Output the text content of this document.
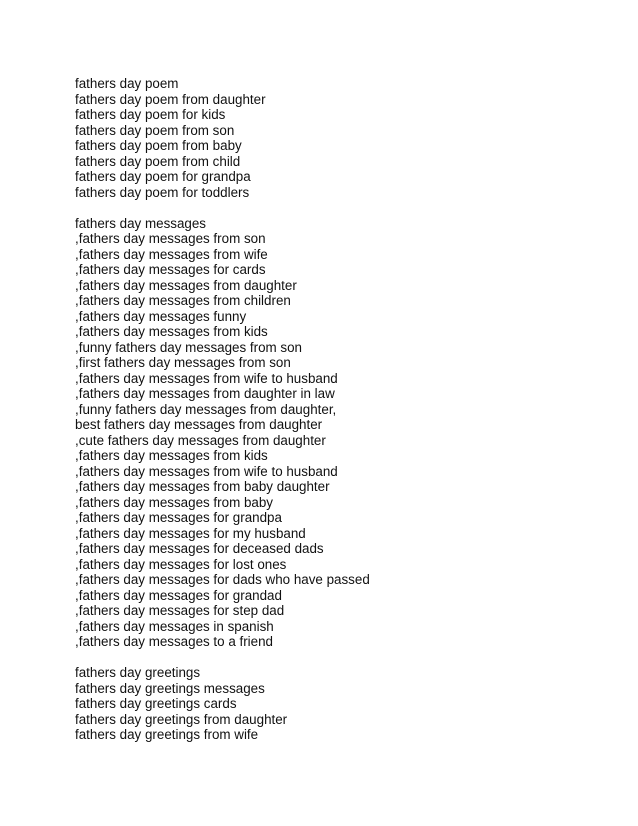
fathers day poem
fathers day poem from daughter
fathers day poem for kids
fathers day poem from son
fathers day poem from baby
fathers day poem from child
fathers day poem for grandpa
fathers day poem for toddlers
fathers day messages
,fathers day messages from son
,fathers day messages from wife
,fathers day messages for cards
,fathers day messages from daughter
,fathers day messages from children
,fathers day messages funny
,fathers day messages from kids
,funny fathers day messages from son
,first fathers day messages from son
,fathers day messages from wife to husband
,fathers day messages from daughter in law
,funny fathers day messages from daughter,
best fathers day messages from daughter
,cute fathers day messages from daughter
,fathers day messages from kids
,fathers day messages from wife to husband
,fathers day messages from baby daughter
,fathers day messages from baby
,fathers day messages for grandpa
,fathers day messages for my husband
,fathers day messages for deceased dads
,fathers day messages for lost ones
,fathers day messages for dads who have passed
,fathers day messages for grandad
,fathers day messages for step dad
,fathers day messages in spanish
,fathers day messages to a friend
fathers day greetings
fathers day greetings messages
fathers day greetings cards
fathers day greetings from daughter
fathers day greetings from wife
